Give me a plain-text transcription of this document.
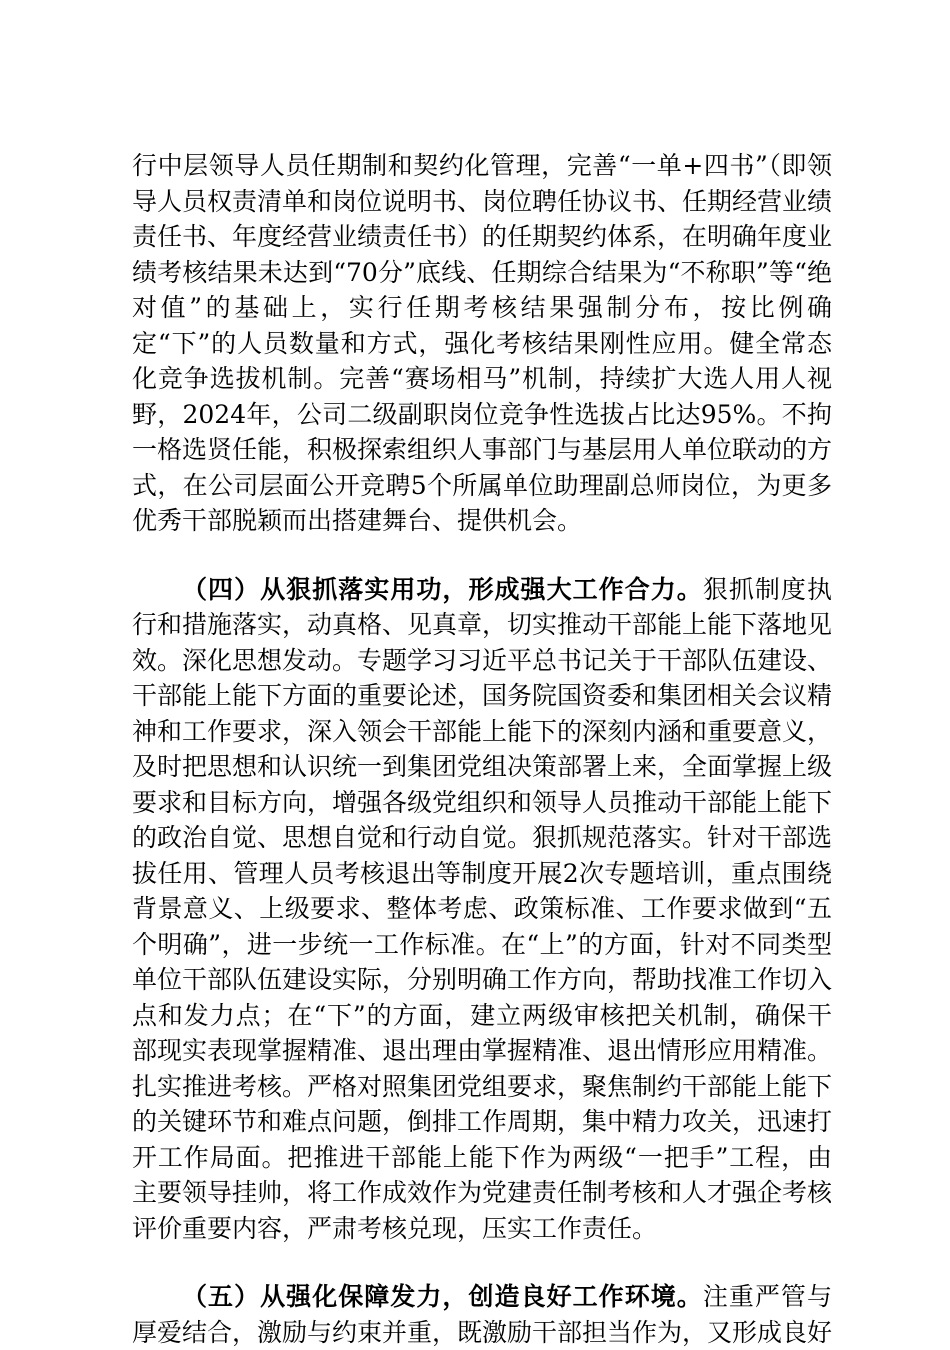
行中层领导人员任期制和契约化管理，完善“一单+四书”（即领导人员权责清单和岗位说明书、岗位聘任协议书、任期经营业绩责任书、年度经营业绩责任书）的任期契约体系，在明确年度业绩考核结果未达到“70分”底线、任期综合结果为“不称职”等“绝对值”的基础上，实行任期考核结果强制分布，按比例确定“下”的人员数量和方式，强化考核结果刚性应用。健全常态化竞争选拔机制。完善“赛场相马”机制，持续扩大选人用人视野，2024年，公司二级副职岗位竞争性选拔占比达95%。不拘一格选贤任能，积极探索组织人事部门与基层用人单位联动的方式，在公司层面公开竞聘5个所属单位助理副总师岗位，为更多优秀干部脱颖而出搭建舞台、提供机会。

（四）从狠抓落实用功，形成强大工作合力。狠抓制度执行和措施落实，动真格、见真章，切实推动干部能上能下落地见效。深化思想发动。专题学习习近平总书记关于干部队伍建设、干部能上能下方面的重要论述，国务院国资委和集团相关会议精神和工作要求，深入领会干部能上能下的深刻内涵和重要意义，及时把思想和认识统一到集团党组决策部署上来，全面掌握上级要求和目标方向，增强各级党组织和领导人员推动干部能上能下的政治自觉、思想自觉和行动自觉。狠抓规范落实。针对干部选拔任用、管理人员考核退出等制度开展2次专题培训，重点围绕背景意义、上级要求、整体考虑、政策标准、工作要求做到“五个明确”，进一步统一工作标准。在“上”的方面，针对不同类型单位干部队伍建设实际，分别明确工作方向，帮助找准工作切入点和发力点；在“下”的方面，建立两级审核把关机制，确保干部现实表现掌握精准、退出理由掌握精准、退出情形应用精准。扎实推进考核。严格对照集团党组要求，聚焦制约干部能上能下的关键环节和难点问题，倒排工作周期，集中精力攻关，迅速打开工作局面。把推进干部能上能下作为两级“一把手”工程，由主要领导挂帅，将工作成效作为党建责任制考核和人才强企考核评价重要内容，严肃考核兑现，压实工作责任。

（五）从强化保障发力，创造良好工作环境。注重严管与厚爱结合，激励与约束并重，既激励干部担当作为，又形成良好
